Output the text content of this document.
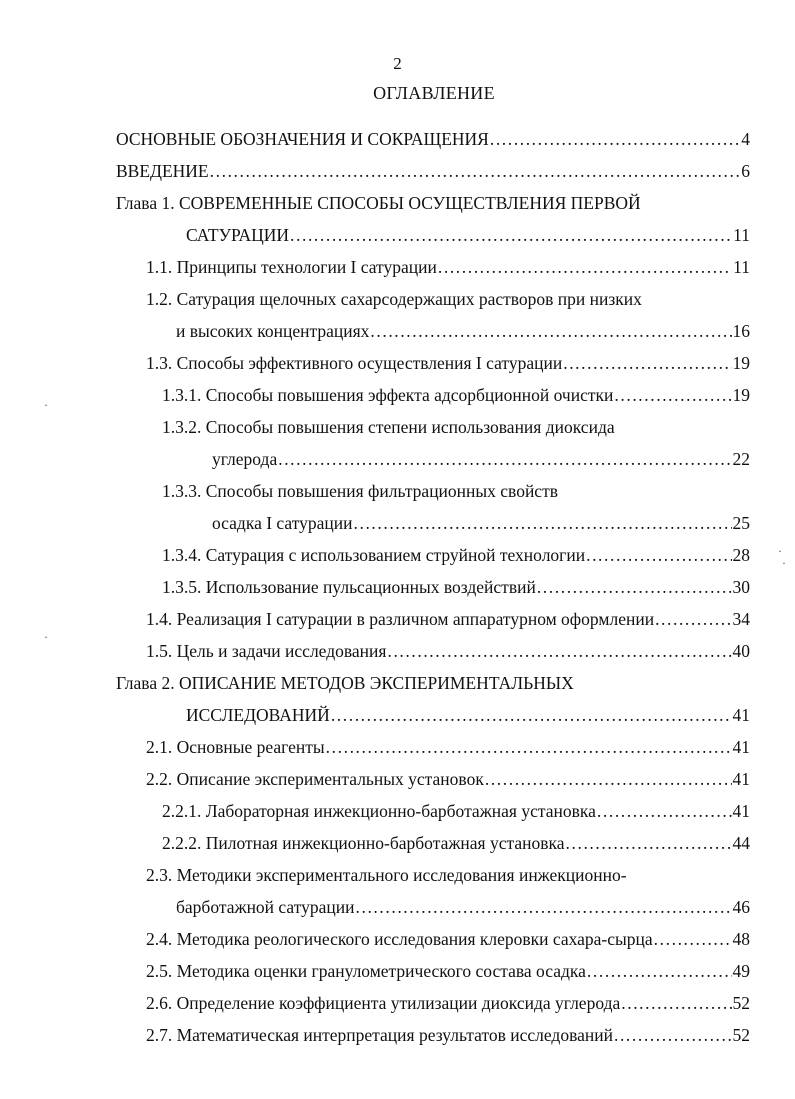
2
ОГЛАВЛЕНИЕ
ОСНОВНЫЕ ОБОЗНАЧЕНИЯ И СОКРАЩЕНИЯ .....	4
ВВЕДЕНИЕ .....	6
Глава 1. СОВРЕМЕННЫЕ СПОСОБЫ ОСУЩЕСТВЛЕНИЯ ПЕРВОЙ
САТУРАЦИИ .....	11
1.1. Принципы технологии I сатурации .....	11
1.2. Сатурация щелочных сахарсодержащих растворов при низких
и высоких концентрациях .....	16
1.3. Способы эффективного осуществления I сатурации .....	19
1.3.1. Способы повышения эффекта адсорбционной очистки .....	19
1.3.2. Способы повышения степени использования диоксида
углерода .....	22
1.3.3. Способы повышения фильтрационных свойств
осадка I сатурации .....	25
1.3.4. Сатурация с использованием струйной технологии .....	28
1.3.5. Использование пульсационных воздействий .....	30
1.4. Реализация I сатурации в различном аппаратурном оформлении .....	34
1.5. Цель и задачи исследования .....	40
Глава 2. ОПИСАНИЕ МЕТОДОВ ЭКСПЕРИМЕНТАЛЬНЫХ
ИССЛЕДОВАНИЙ .....	41
2.1. Основные реагенты .....	41
2.2. Описание экспериментальных установок .....	41
2.2.1. Лабораторная инжекционно-барботажная установка .....	41
2.2.2. Пилотная инжекционно-барботажная установка .....	44
2.3. Методики экспериментального исследования инжекционно-
барботажной сатурации .....	46
2.4. Методика реологического исследования клеровки сахара-сырца .....	48
2.5. Методика оценки гранулометрического состава осадка .....	49
2.6. Определение коэффициента утилизации диоксида углерода .....	52
2.7. Математическая интерпретация результатов исследований .....	52
·
·
·
·
